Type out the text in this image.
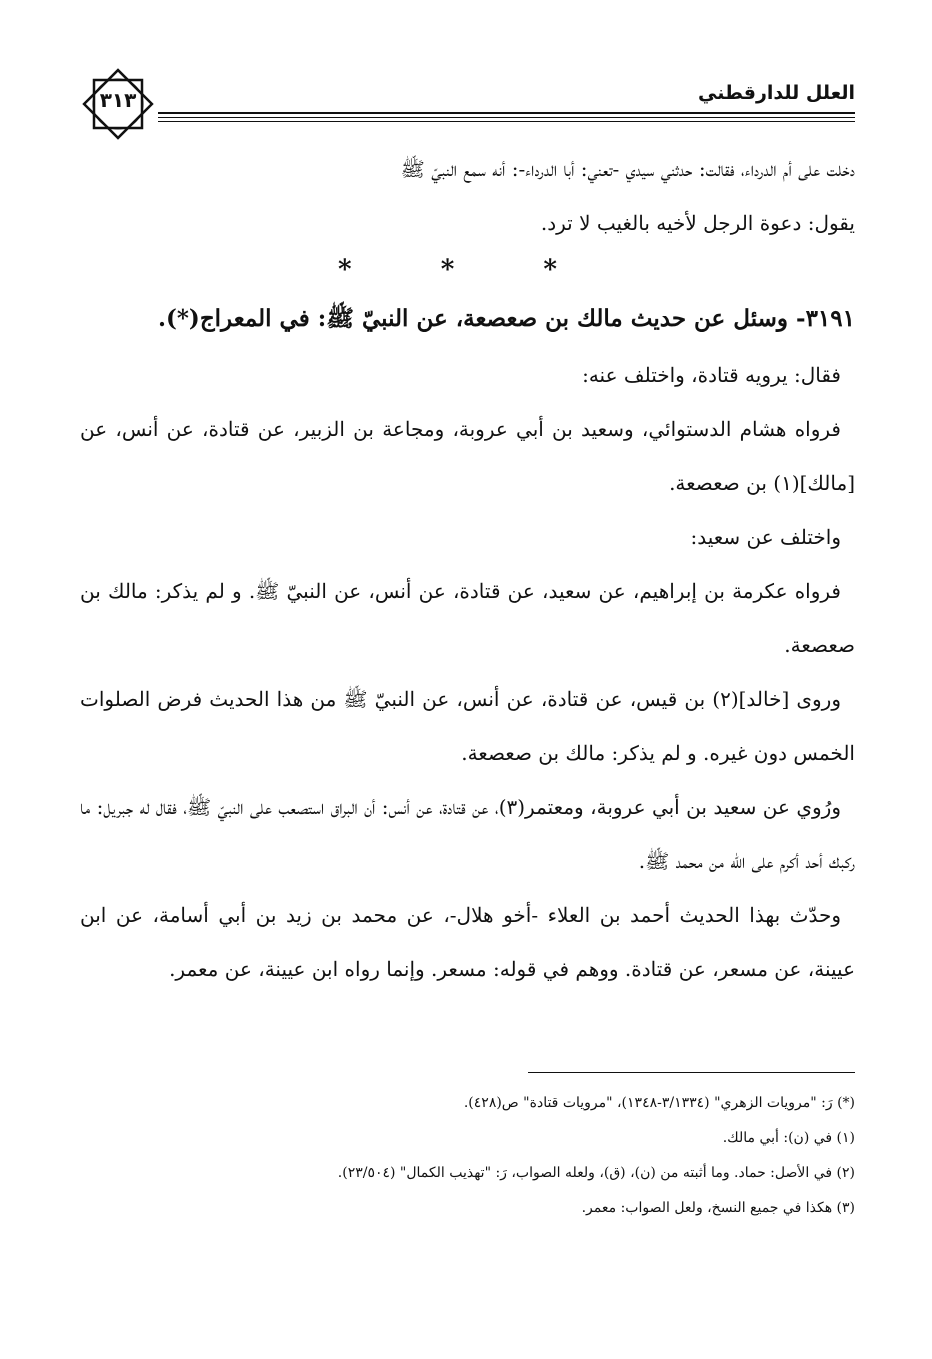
العلل للدارقطني
٣١٣

دخلت على أم الدرداء، فقالت: حدثني سيدي -تعني: أبا الدرداء-: أنه سمع النبيّ ﷺ

يقول: دعوة الرجل لأخيه بالغيب لا ترد.

* * *

٣١٩١- وسئل عن حديث مالك بن صعصعة، عن النبيّ ﷺ: في المعراج(*).

فقال: يرويه قتادة، واختلف عنه:

فرواه هشام الدستوائي، وسعيد بن أبي عروبة، ومجاعة بن الزبير، عن قتادة، عن أنس، عن [مالك](١) بن صعصعة.

واختلف عن سعيد:

فرواه عكرمة بن إبراهيم، عن سعيد، عن قتادة، عن أنس، عن النبيّ ﷺ. و لم يذكر: مالك بن صعصعة.

وروى [خالد](٢) بن قيس، عن قتادة، عن أنس، عن النبيّ ﷺ من هذا الحديث فرض الصلوات الخمس دون غيره. و لم يذكر: مالك بن صعصعة.

ورُوي عن سعيد بن أبي عروبة، ومعتمر(٣)، عن قتادة، عن أنس: أن البراق استصعب على النبيّ ﷺ، فقال له جبريل: ما ركبك أحد أكرم على الله من محمد ﷺ.

وحدّث بهذا الحديث أحمد بن العلاء -أخو هلال-، عن محمد بن زيد بن أبي أسامة، عن ابن عيينة، عن مسعر، عن قتادة. ووهم في قوله: مسعر. وإنما رواه ابن عيينة، عن معمر.

(*) رَ: "مرويات الزهري" (٣/١٣٣٤-١٣٤٨)، "مرويات قتادة" ص(٤٢٨).

(١) في (ن): أبي مالك.

(٢) في الأصل: حماد. وما أثبته من (ن)، (ق)، ولعله الصواب، رَ: "تهذيب الكمال" (٢٣/٥٠٤).

(٣) هكذا في جميع النسخ، ولعل الصواب: معمر.
